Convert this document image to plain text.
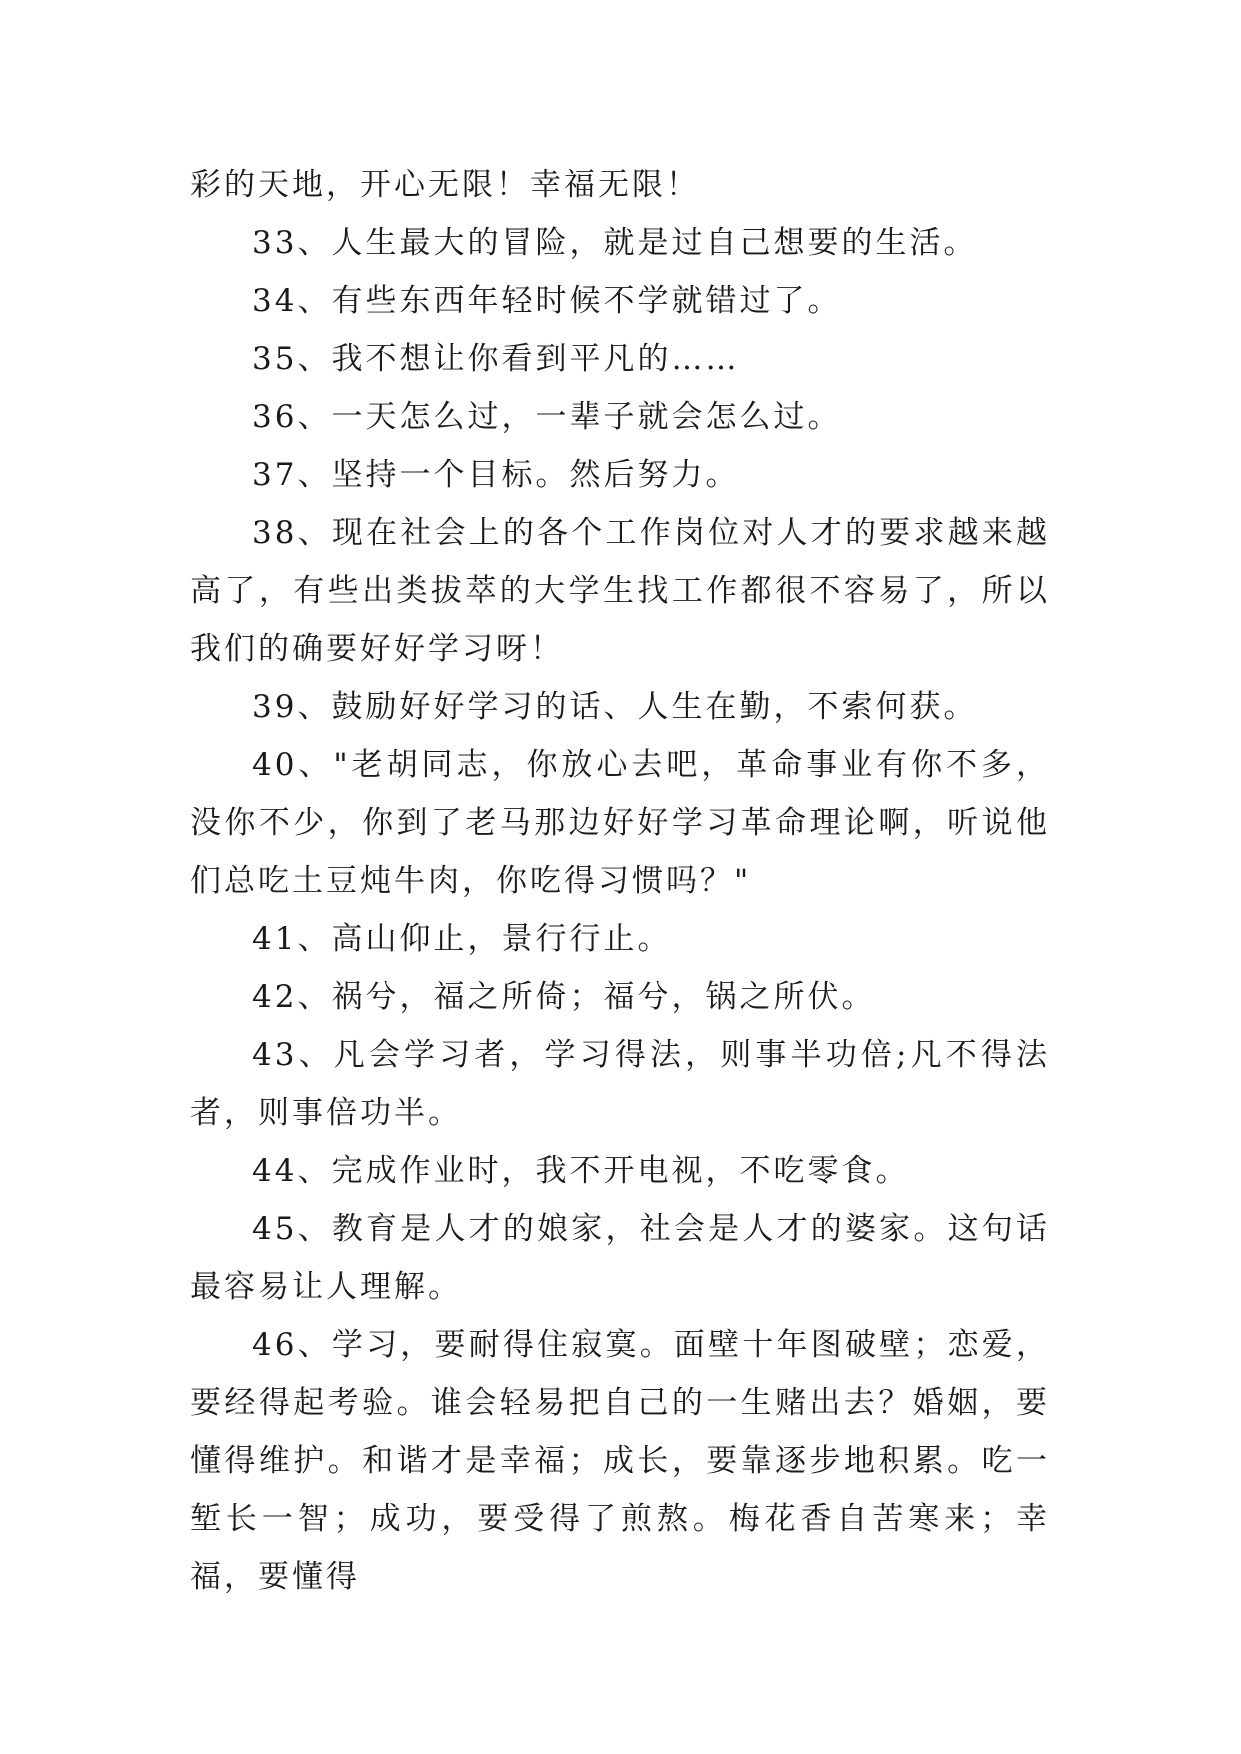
彩的天地，开心无限！幸福无限！

33、人生最大的冒险，就是过自己想要的生活。

34、有些东西年轻时候不学就错过了。

35、我不想让你看到平凡的……

36、一天怎么过，一辈子就会怎么过。

37、坚持一个目标。然后努力。

38、现在社会上的各个工作岗位对人才的要求越来越高了，有些出类拔萃的大学生找工作都很不容易了，所以我们的确要好好学习呀！

39、鼓励好好学习的话、人生在勤，不索何获。

40、"老胡同志，你放心去吧，革命事业有你不多，没你不少，你到了老马那边好好学习革命理论啊，听说他们总吃土豆炖牛肉，你吃得习惯吗？"

41、高山仰止，景行行止。

42、祸兮，福之所倚；福兮，锅之所伏。

43、凡会学习者，学习得法，则事半功倍;凡不得法者，则事倍功半。

44、完成作业时，我不开电视，不吃零食。

45、教育是人才的娘家，社会是人才的婆家。这句话最容易让人理解。

46、学习，要耐得住寂寞。面壁十年图破壁；恋爱，要经得起考验。谁会轻易把自己的一生赌出去？婚姻，要懂得维护。和谐才是幸福；成长，要靠逐步地积累。吃一堑长一智；成功，要受得了煎熬。梅花香自苦寒来；幸福，要懂得
